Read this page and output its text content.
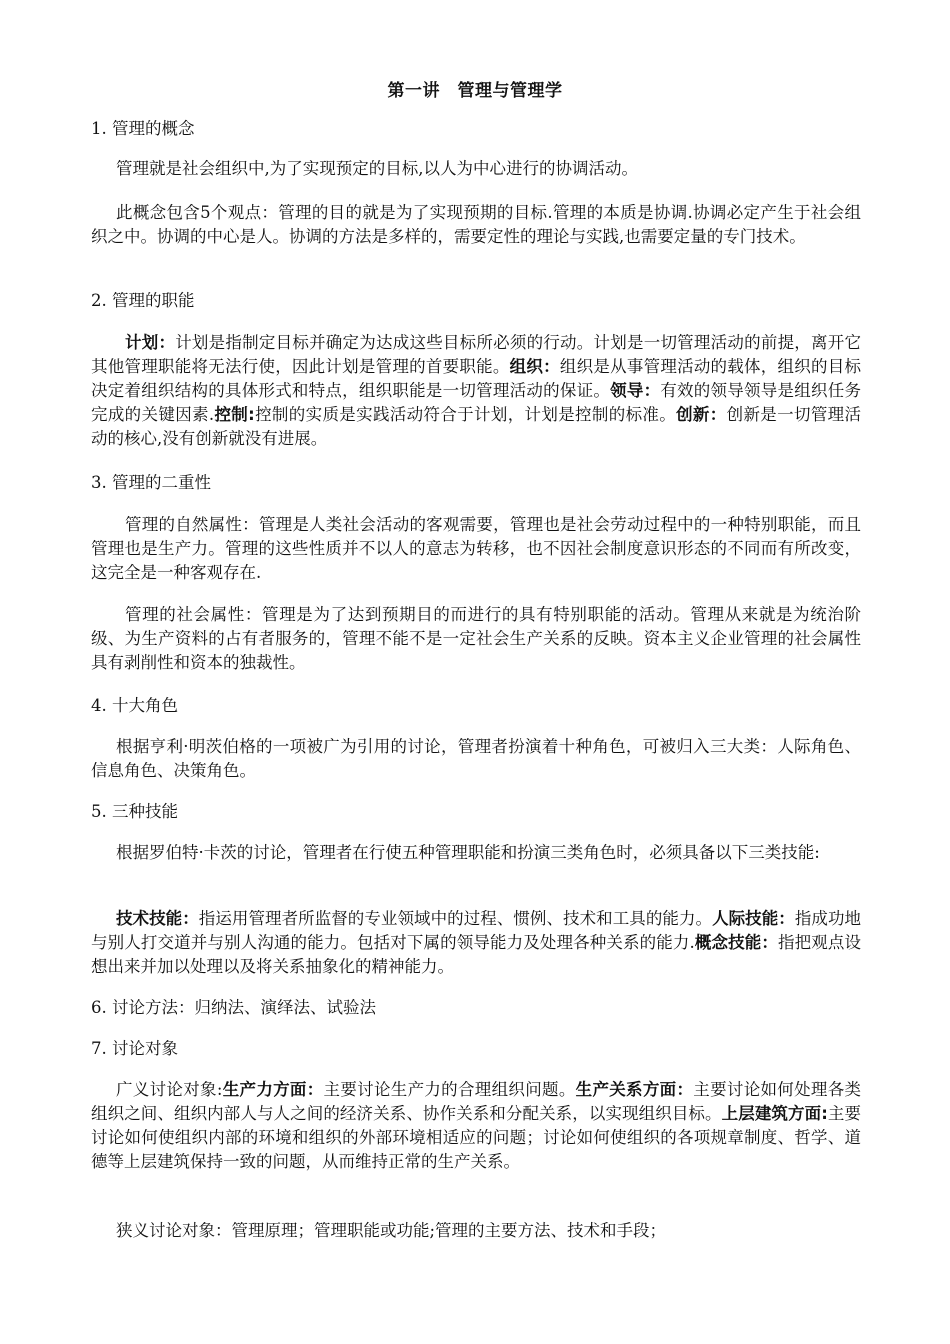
第一讲　管理与管理学
1. 管理的概念
管理就是社会组织中,为了实现预定的目标,以人为中心进行的协调活动。
此概念包含5个观点：管理的目的就是为了实现预期的目标.管理的本质是协调.协调必定产生于社会组织之中。协调的中心是人。协调的方法是多样的，需要定性的理论与实践,也需要定量的专门技术。
2. 管理的职能
计划：计划是指制定目标并确定为达成这些目标所必须的行动。计划是一切管理活动的前提，离开它其他管理职能将无法行使，因此计划是管理的首要职能。组织：组织是从事管理活动的载体，组织的目标决定着组织结构的具体形式和特点，组织职能是一切管理活动的保证。领导：有效的领导领导是组织任务完成的关键因素.控制:控制的实质是实践活动符合于计划，计划是控制的标准。创新：创新是一切管理活动的核心,没有创新就没有进展。
3. 管理的二重性
管理的自然属性：管理是人类社会活动的客观需要，管理也是社会劳动过程中的一种特别职能，而且管理也是生产力。管理的这些性质并不以人的意志为转移，也不因社会制度意识形态的不同而有所改变，这完全是一种客观存在.
管理的社会属性：管理是为了达到预期目的而进行的具有特别职能的活动。管理从来就是为统治阶级、为生产资料的占有者服务的，管理不能不是一定社会生产关系的反映。资本主义企业管理的社会属性具有剥削性和资本的独裁性。
4. 十大角色
根据亨利·明茨伯格的一项被广为引用的讨论，管理者扮演着十种角色，可被归入三大类：人际角色、信息角色、决策角色。
5. 三种技能
根据罗伯特·卡茨的讨论，管理者在行使五种管理职能和扮演三类角色时，必须具备以下三类技能:
技术技能：指运用管理者所监督的专业领域中的过程、惯例、技术和工具的能力。人际技能：指成功地与别人打交道并与别人沟通的能力。包括对下属的领导能力及处理各种关系的能力.概念技能：指把观点设想出来并加以处理以及将关系抽象化的精神能力。
6. 讨论方法：归纳法、演绎法、试验法
7. 讨论对象
广义讨论对象:生产力方面：主要讨论生产力的合理组织问题。生产关系方面：主要讨论如何处理各类组织之间、组织内部人与人之间的经济关系、协作关系和分配关系，以实现组织目标。上层建筑方面:主要讨论如何使组织内部的环境和组织的外部环境相适应的问题；讨论如何使组织的各项规章制度、哲学、道德等上层建筑保持一致的问题，从而维持正常的生产关系。
狭义讨论对象：管理原理；管理职能或功能;管理的主要方法、技术和手段；
